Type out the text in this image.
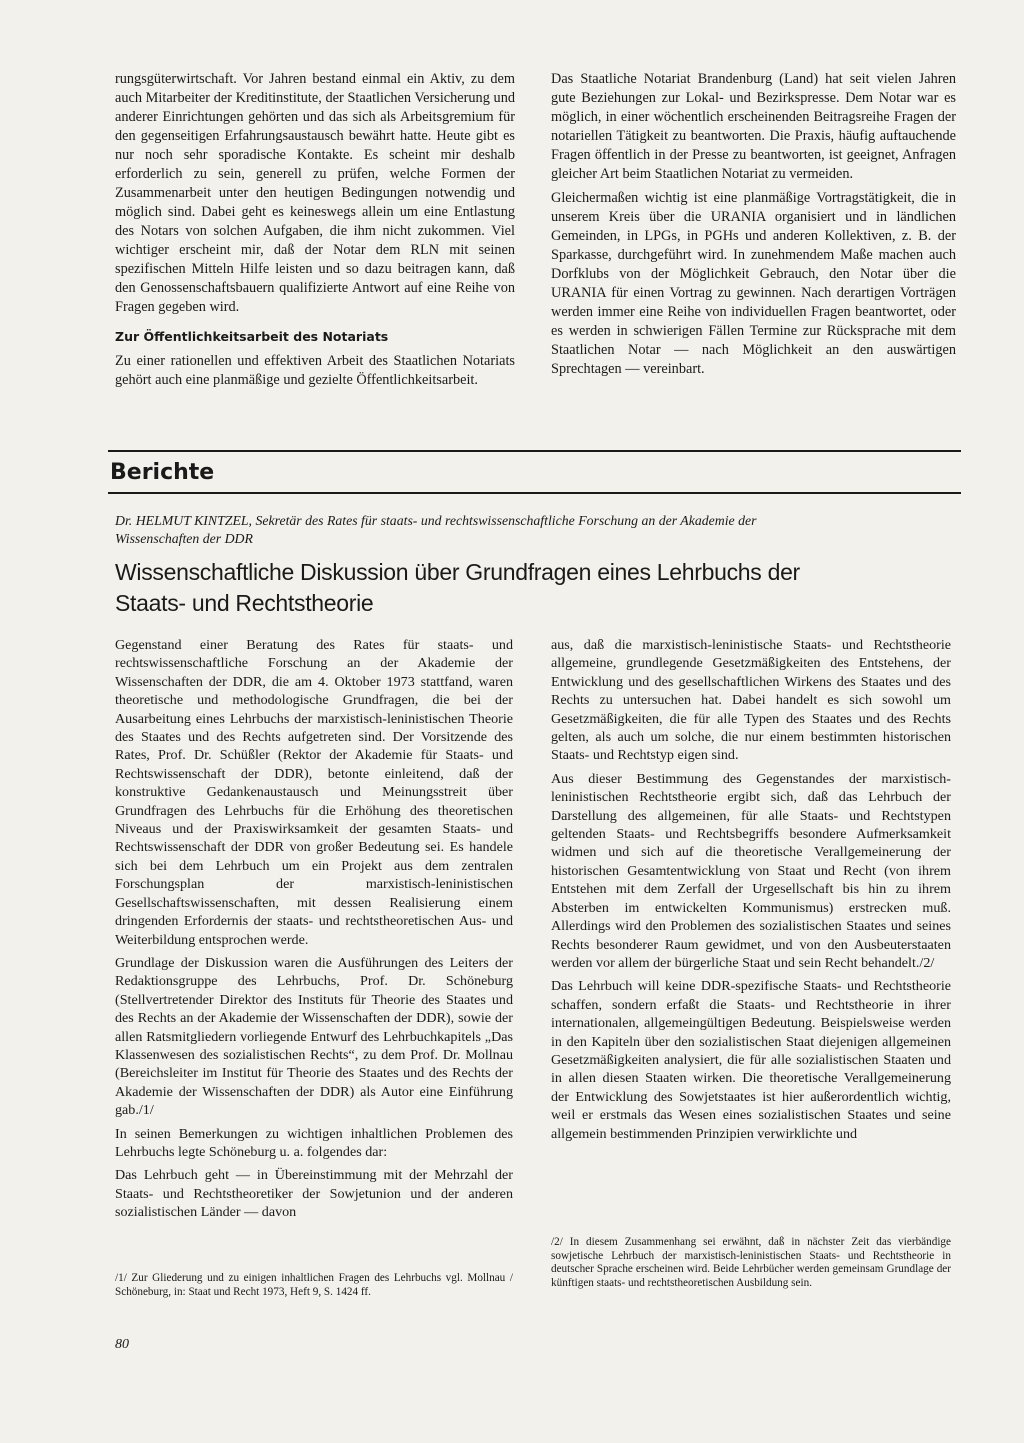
rungsgüterwirtschaft. Vor Jahren bestand einmal ein Aktiv, zu dem auch Mitarbeiter der Kreditinstitute, der Staatlichen Versicherung und anderer Einrichtungen gehörten und das sich als Arbeitsgremium für den gegenseitigen Erfahrungsaustausch bewährt hatte. Heute gibt es nur noch sehr sporadische Kontakte. Es scheint mir deshalb erforderlich zu sein, generell zu prüfen, welche Formen der Zusammenarbeit unter den heutigen Bedingungen notwendig und möglich sind. Dabei geht es keineswegs allein um eine Entlastung des Notars von solchen Aufgaben, die ihm nicht zukommen. Viel wichtiger erscheint mir, daß der Notar dem RLN mit seinen spezifischen Mitteln Hilfe leisten und so dazu beitragen kann, daß den Genossenschaftsbauern qualifizierte Antwort auf eine Reihe von Fragen gegeben wird.

Zur Öffentlichkeitsarbeit des Notariats

Zu einer rationellen und effektiven Arbeit des Staatlichen Notariats gehört auch eine planmäßige und gezielte Öffentlichkeitsarbeit.

Das Staatliche Notariat Brandenburg (Land) hat seit vielen Jahren gute Beziehungen zur Lokal- und Bezirkspresse. Dem Notar war es möglich, in einer wöchentlich erscheinenden Beitragsreihe Fragen der notariellen Tätigkeit zu beantworten. Die Praxis, häufig auftauchende Fragen öffentlich in der Presse zu beantworten, ist geeignet, Anfragen gleicher Art beim Staatlichen Notariat zu vermeiden.

Gleichermaßen wichtig ist eine planmäßige Vortragstätigkeit, die in unserem Kreis über die URANIA organisiert und in ländlichen Gemeinden, in LPGs, in PGHs und anderen Kollektiven, z. B. der Sparkasse, durchgeführt wird. In zunehmendem Maße machen auch Dorfklubs von der Möglichkeit Gebrauch, den Notar über die URANIA für einen Vortrag zu gewinnen. Nach derartigen Vorträgen werden immer eine Reihe von individuellen Fragen beantwortet, oder es werden in schwierigen Fällen Termine zur Rücksprache mit dem Staatlichen Notar — nach Möglichkeit an den auswärtigen Sprechtagen — vereinbart.

Berichte
Dr. HELMUT KINTZEL, Sekretär des Rates für staats- und rechtswissenschaftliche Forschung an der Akademie der Wissenschaften der DDR
Wissenschaftliche Diskussion über Grundfragen eines Lehrbuchs der Staats- und Rechtstheorie

Gegenstand einer Beratung des Rates für staats- und rechtswissenschaftliche Forschung an der Akademie der Wissenschaften der DDR, die am 4. Oktober 1973 stattfand, waren theoretische und methodologische Grundfragen, die bei der Ausarbeitung eines Lehrbuchs der marxistisch-leninistischen Theorie des Staates und des Rechts aufgetreten sind. Der Vorsitzende des Rates, Prof. Dr. Schüßler (Rektor der Akademie für Staats- und Rechtswissenschaft der DDR), betonte einleitend, daß der konstruktive Gedankenaustausch und Meinungsstreit über Grundfragen des Lehrbuchs für die Erhöhung des theoretischen Niveaus und der Praxiswirksamkeit der gesamten Staats- und Rechtswissenschaft der DDR von großer Bedeutung sei. Es handele sich bei dem Lehrbuch um ein Projekt aus dem zentralen Forschungsplan der marxistisch-leninistischen Gesellschaftswissenschaften, mit dessen Realisierung einem dringenden Erfordernis der staats- und rechtstheoretischen Aus- und Weiterbildung entsprochen werde.

Grundlage der Diskussion waren die Ausführungen des Leiters der Redaktionsgruppe des Lehrbuchs, Prof. Dr. Schöneburg (Stellvertretender Direktor des Instituts für Theorie des Staates und des Rechts an der Akademie der Wissenschaften der DDR), sowie der allen Ratsmitgliedern vorliegende Entwurf des Lehrbuchkapitels „Das Klassenwesen des sozialistischen Rechts“, zu dem Prof. Dr. Mollnau (Bereichsleiter im Institut für Theorie des Staates und des Rechts der Akademie der Wissenschaften der DDR) als Autor eine Einführung gab./1/

In seinen Bemerkungen zu wichtigen inhaltlichen Problemen des Lehrbuchs legte Schöneburg u. a. folgendes dar:

Das Lehrbuch geht — in Übereinstimmung mit der Mehrzahl der Staats- und Rechtstheoretiker der Sowjetunion und der anderen sozialistischen Länder — davon

aus, daß die marxistisch-leninistische Staats- und Rechtstheorie allgemeine, grundlegende Gesetzmäßigkeiten des Entstehens, der Entwicklung und des gesellschaftlichen Wirkens des Staates und des Rechts zu untersuchen hat. Dabei handelt es sich sowohl um Gesetzmäßigkeiten, die für alle Typen des Staates und des Rechts gelten, als auch um solche, die nur einem bestimmten historischen Staats- und Rechtstyp eigen sind.

Aus dieser Bestimmung des Gegenstandes der marxistisch-leninistischen Rechtstheorie ergibt sich, daß das Lehrbuch der Darstellung des allgemeinen, für alle Staats- und Rechtstypen geltenden Staats- und Rechtsbegriffs besondere Aufmerksamkeit widmen und sich auf die theoretische Verallgemeinerung der historischen Gesamtentwicklung von Staat und Recht (von ihrem Entstehen mit dem Zerfall der Urgesellschaft bis hin zu ihrem Absterben im entwickelten Kommunismus) erstrecken muß. Allerdings wird den Problemen des sozialistischen Staates und seines Rechts besonderer Raum gewidmet, und von den Ausbeuterstaaten werden vor allem der bürgerliche Staat und sein Recht behandelt./2/

Das Lehrbuch will keine DDR-spezifische Staats- und Rechtstheorie schaffen, sondern erfaßt die Staats- und Rechtstheorie in ihrer internationalen, allgemeingültigen Bedeutung. Beispielsweise werden in den Kapiteln über den sozialistischen Staat diejenigen allgemeinen Gesetzmäßigkeiten analysiert, die für alle sozialistischen Staaten und in allen diesen Staaten wirken. Die theoretische Verallgemeinerung der Entwicklung des Sowjetstaates ist hier außerordentlich wichtig, weil er erstmals das Wesen eines sozialistischen Staates und seine allgemein bestimmenden Prinzipien verwirklichte und

/1/ Zur Gliederung und zu einigen inhaltlichen Fragen des Lehrbuchs vgl. Mollnau / Schöneburg, in: Staat und Recht 1973, Heft 9, S. 1424 ff.
/2/ In diesem Zusammenhang sei erwähnt, daß in nächster Zeit das vierbändige sowjetische Lehrbuch der marxistisch-leninistischen Staats- und Rechtstheorie in deutscher Sprache erscheinen wird. Beide Lehrbücher werden gemeinsam Grundlage der künftigen staats- und rechtstheoretischen Ausbildung sein.
80
